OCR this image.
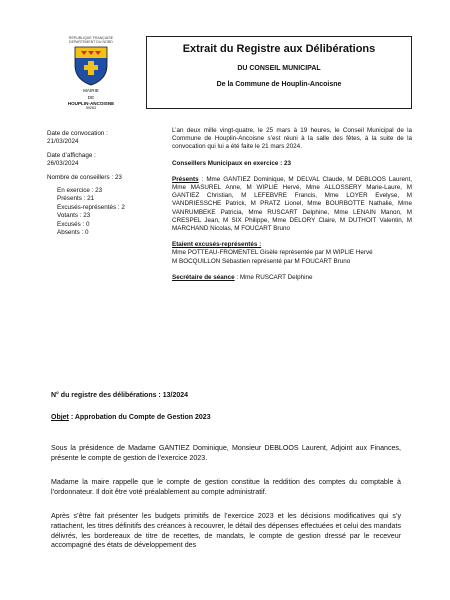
REPUBLIQUE FRANÇAISE
DEPARTEMENT DU NORD
MAIRIE
DE
HOUPLIN-ANCOISNE
59263
Extrait du Registre aux Délibérations
DU CONSEIL MUNICIPAL
De la Commune de Houplin-Ancoisne
Date de convocation :
21/03/2024
Date d’affichage :
26/03/2024
Nombre de conseillers : 23
En exercice : 23
Présents : 21
Excusés-représentés : 2
Votants : 23
Excusés : 0
Absents : 0

L’an deux mille vingt-quatre, le 25 mars à 19 heures, le Conseil Municipal de la Commune de Houplin-Ancoisne s’est réuni à la salle des fêtes, à la suite de la convocation qui lui a été faite le 21 mars 2024.

Conseillers Municipaux en exercice : 23

Présents : Mme GANTIEZ Dominique, M DELVAL Claude, M DEBLOOS Laurent, Mme MASUREL Anne, M WIPLIE Hervé, Mme ALLOSSERY Marie-Laure, M GANTIEZ Christian, M LEFEBVRE Francis, Mme LOYER Evelyse, M VANDRIESSCHE Patrick, M PRATZ Lionel, Mme BOURBOTTE Nathalie, Mme VANRUMBEKE Patricia, Mme RUSCART Delphine, Mme LENAIN Manon, M CRESPEL Jean, M SIX Philippe, Mme DELORY Claire, M DUTHOIT Valentin, M MARCHAND Nicolas, M FOUCART Bruno

Etaient excusés-représentés :

Mme POTTEAU-FROMENTEL Gisèle représentée par M WIPLIE Hervé

M BOCQUILLON Sébastien représenté par M FOUCART Bruno

Secrétaire de séance : Mme RUSCART Delphine

N° du registre des délibérations : 13/2024
Objet : Approbation du Compte de Gestion 2023

Sous la présidence de Madame GANTIEZ Dominique, Monsieur DEBLOOS Laurent, Adjoint aux Finances, présente le compte de gestion de l’exercice 2023.

Madame la maire rappelle que le compte de gestion constitue la reddition des comptes du comptable à l’ordonnateur. Il doit être voté préalablement au compte administratif.

Après s’être fait présenter les budgets primitifs de l’exercice 2023 et les décisions modificatives qui s’y rattachent, les titres définitifs des créances à recouvrer, le détail des dépenses effectuées et celui des mandats délivrés, les bordereaux de titre de recettes, de mandats, le compte de gestion dressé par le receveur accompagné des états de développement des
